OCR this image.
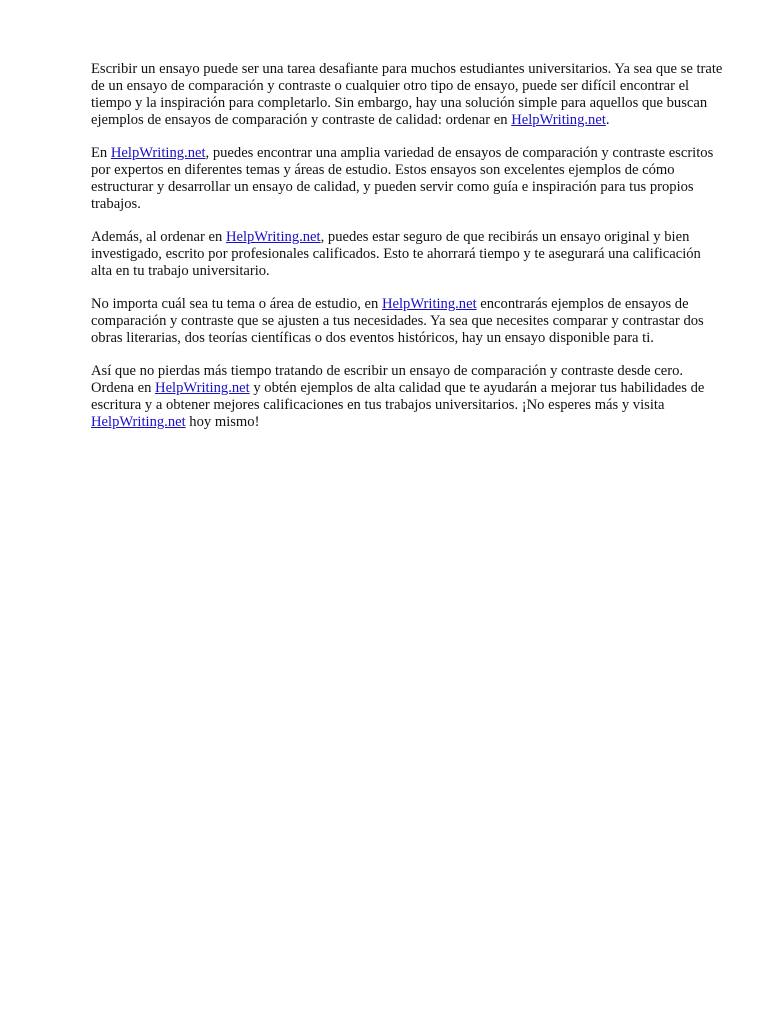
Escribir un ensayo puede ser una tarea desafiante para muchos estudiantes universitarios. Ya sea que se trate de un ensayo de comparación y contraste o cualquier otro tipo de ensayo, puede ser difícil encontrar el tiempo y la inspiración para completarlo. Sin embargo, hay una solución simple para aquellos que buscan ejemplos de ensayos de comparación y contraste de calidad: ordenar en HelpWriting.net.

En HelpWriting.net, puedes encontrar una amplia variedad de ensayos de comparación y contraste escritos por expertos en diferentes temas y áreas de estudio. Estos ensayos son excelentes ejemplos de cómo estructurar y desarrollar un ensayo de calidad, y pueden servir como guía e inspiración para tus propios trabajos.

Además, al ordenar en HelpWriting.net, puedes estar seguro de que recibirás un ensayo original y bien investigado, escrito por profesionales calificados. Esto te ahorrará tiempo y te asegurará una calificación alta en tu trabajo universitario.

No importa cuál sea tu tema o área de estudio, en HelpWriting.net encontrarás ejemplos de ensayos de comparación y contraste que se ajusten a tus necesidades. Ya sea que necesites comparar y contrastar dos obras literarias, dos teorías científicas o dos eventos históricos, hay un ensayo disponible para ti.

Así que no pierdas más tiempo tratando de escribir un ensayo de comparación y contraste desde cero. Ordena en HelpWriting.net y obtén ejemplos de alta calidad que te ayudarán a mejorar tus habilidades de escritura y a obtener mejores calificaciones en tus trabajos universitarios. ¡No esperes más y visita HelpWriting.net hoy mismo!
